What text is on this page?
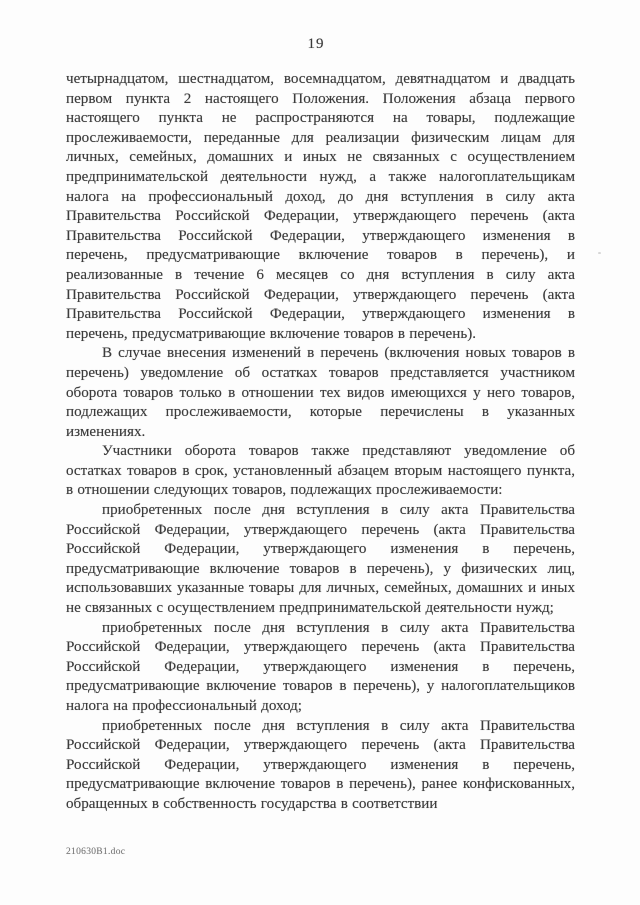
19

четырнадцатом, шестнадцатом, восемнадцатом, девятнадцатом и двадцать первом пункта 2 настоящего Положения. Положения абзаца первого настоящего пункта не распространяются на товары, подлежащие прослеживаемости, переданные для реализации физическим лицам для личных, семейных, домашних и иных не связанных с осуществлением предпринимательской деятельности нужд, а также налогоплательщикам налога на профессиональный доход, до дня вступления в силу акта Правительства Российской Федерации, утверждающего перечень (акта Правительства Российской Федерации, утверждающего изменения в перечень, предусматривающие включение товаров в перечень), и реализованные в течение 6 месяцев со дня вступления в силу акта Правительства Российской Федерации, утверждающего перечень (акта Правительства Российской Федерации, утверждающего изменения в перечень, предусматривающие включение товаров в перечень).

В случае внесения изменений в перечень (включения новых товаров в перечень) уведомление об остатках товаров представляется участником оборота товаров только в отношении тех видов имеющихся у него товаров, подлежащих прослеживаемости, которые перечислены в указанных изменениях.

Участники оборота товаров также представляют уведомление об остатках товаров в срок, установленный абзацем вторым настоящего пункта, в отношении следующих товаров, подлежащих прослеживаемости:

приобретенных после дня вступления в силу акта Правительства Российской Федерации, утверждающего перечень (акта Правительства Российской Федерации, утверждающего изменения в перечень, предусматривающие включение товаров в перечень), у физических лиц, использовавших указанные товары для личных, семейных, домашних и иных не связанных с осуществлением предпринимательской деятельности нужд;

приобретенных после дня вступления в силу акта Правительства Российской Федерации, утверждающего перечень (акта Правительства Российской Федерации, утверждающего изменения в перечень, предусматривающие включение товаров в перечень), у налогоплательщиков налога на профессиональный доход;

приобретенных после дня вступления в силу акта Правительства Российской Федерации, утверждающего перечень (акта Правительства Российской Федерации, утверждающего изменения в перечень, предусматривающие включение товаров в перечень), ранее конфискованных, обращенных в собственность государства в соответствии

210630B1.doc
